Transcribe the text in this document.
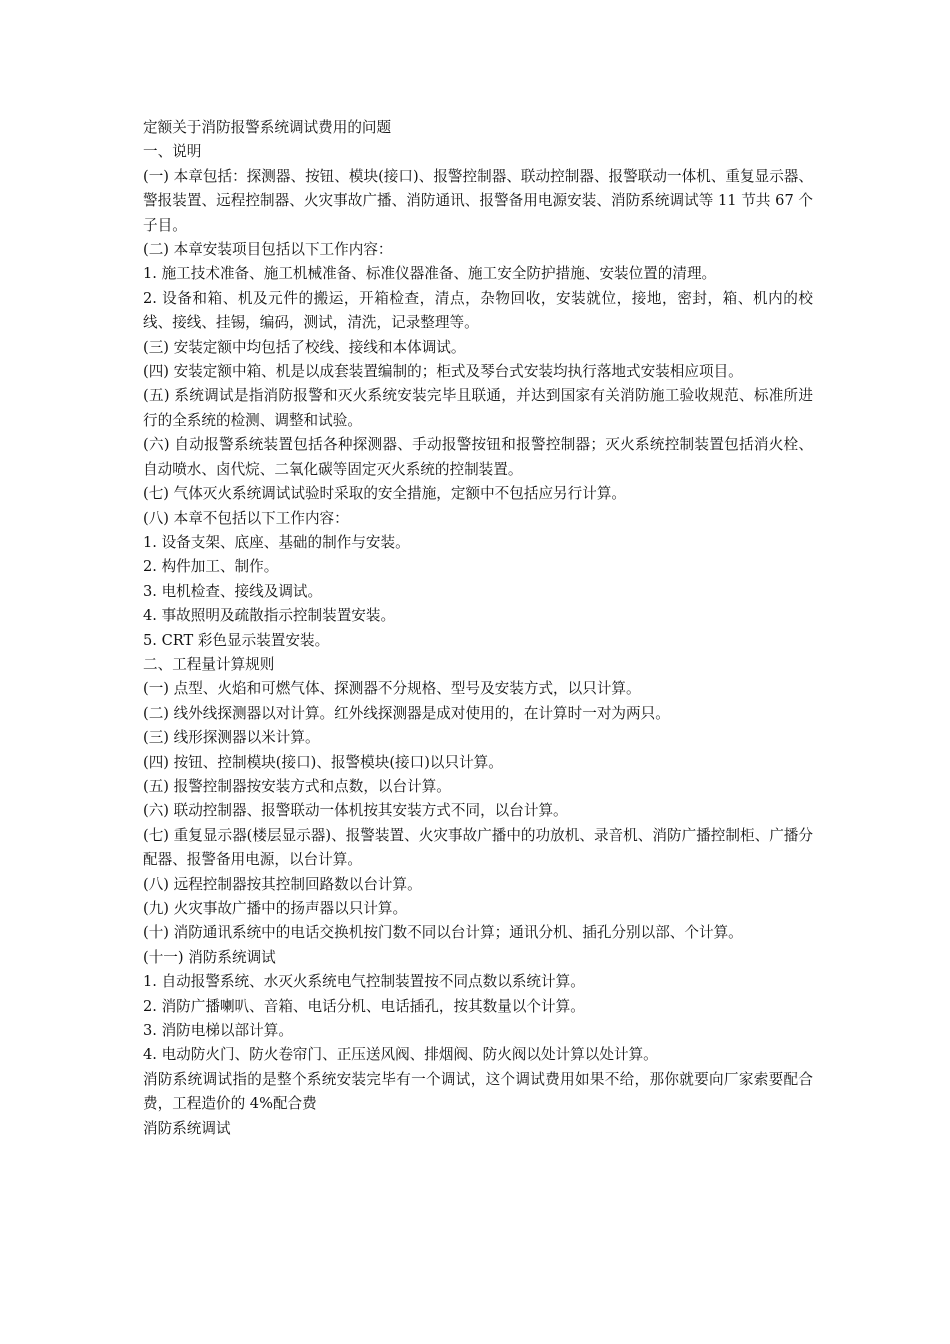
定额关于消防报警系统调试费用的问题
一、说明
(一) 本章包括：探测器、按钮、模块(接口)、报警控制器、联动控制器、报警联动一体机、重复显示器、警报装置、远程控制器、火灾事故广播、消防通讯、报警备用电源安装、消防系统调试等 11 节共 67 个子目。
(二) 本章安装项目包括以下工作内容：
1. 施工技术准备、施工机械准备、标准仪器准备、施工安全防护措施、安装位置的清理。
2. 设备和箱、机及元件的搬运，开箱检查，清点，杂物回收，安装就位，接地，密封，箱、机内的校线、接线、挂锡，编码，测试，清洗，记录整理等。
(三) 安装定额中均包括了校线、接线和本体调试。
(四) 安装定额中箱、机是以成套装置编制的；柜式及琴台式安装均执行落地式安装相应项目。
(五) 系统调试是指消防报警和灭火系统安装完毕且联通，并达到国家有关消防施工验收规范、标准所进行的全系统的检测、调整和试验。
(六) 自动报警系统装置包括各种探测器、手动报警按钮和报警控制器；灭火系统控制装置包括消火栓、自动喷水、卤代烷、二氧化碳等固定灭火系统的控制装置。
(七) 气体灭火系统调试试验时采取的安全措施，定额中不包括应另行计算。
(八) 本章不包括以下工作内容：
1. 设备支架、底座、基础的制作与安装。
2. 构件加工、制作。
3. 电机检查、接线及调试。
4. 事故照明及疏散指示控制装置安装。
5. CRT 彩色显示装置安装。
二、工程量计算规则
(一) 点型、火焰和可燃气体、探测器不分规格、型号及安装方式，以只计算。
(二) 线外线探测器以对计算。红外线探测器是成对使用的，在计算时一对为两只。
(三) 线形探测器以米计算。
(四) 按钮、控制模块(接口)、报警模块(接口)以只计算。
(五) 报警控制器按安装方式和点数，以台计算。
(六) 联动控制器、报警联动一体机按其安装方式不同，以台计算。
(七) 重复显示器(楼层显示器)、报警装置、火灾事故广播中的功放机、录音机、消防广播控制柜、广播分配器、报警备用电源，以台计算。
(八) 远程控制器按其控制回路数以台计算。
(九) 火灾事故广播中的扬声器以只计算。
(十) 消防通讯系统中的电话交换机按门数不同以台计算；通讯分机、插孔分别以部、个计算。
(十一) 消防系统调试
1. 自动报警系统、水灭火系统电气控制装置按不同点数以系统计算。
2. 消防广播喇叭、音箱、电话分机、电话插孔，按其数量以个计算。
3. 消防电梯以部计算。
4. 电动防火门、防火卷帘门、正压送风阀、排烟阀、防火阀以处计算以处计算。
消防系统调试指的是整个系统安装完毕有一个调试，这个调试费用如果不给，那你就要向厂家索要配合费，工程造价的 4%配合费
消防系统调试
